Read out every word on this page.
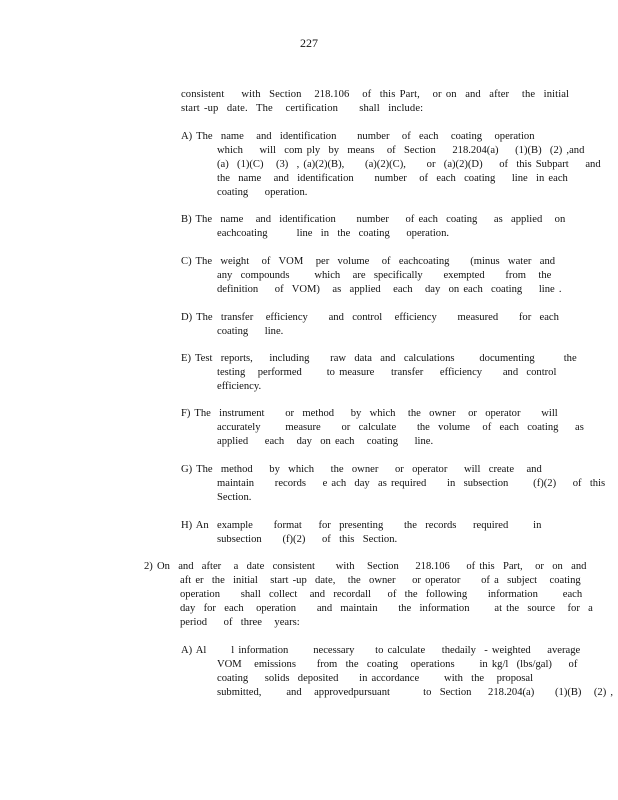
227
consistent    with  Section   218.106   of  this Part,   or on  and  after   the  initial
start -up  date.  The   certification     shall  include:
A) The  name   and  identification     number   of  each   coating   operation
which    will  com ply  by  means   of  Section    218.204(a)    (1)(B)  (2) ,and
(a)  (1)(C)   (3)  , (a)(2)(B),     (a)(2)(C),     or  (a)(2)(D)    of  this Subpart    and
the  name   and  identification     number   of  each  coating    line  in each
coating    operation.
B) The  name   and  identification     number    of each  coating    as  applied   on
eachcoating       line  in  the  coating    operation.
C) The  weight   of  VOM   per  volume   of  eachcoating     (minus  water  and
any  compounds      which   are  specifically     exempted     from   the
definition    of  VOM)   as  applied   each   day  on each  coating    line .
D) The  transfer   efficiency     and  control   efficiency     measured     for  each
coating    line.
E) Test  reports,    including     raw  data  and  calculations      documenting       the
testing   performed      to measure    transfer    efficiency     and  control
efficiency.
F) The  instrument     or  method    by  which   the  owner   or  operator     will
accurately      measure     or  calculate     the  volume   of  each  coating    as
applied    each   day  on each   coating    line.
G) The  method    by  which    the  owner    or  operator    will  create   and
maintain     records    e ach  day  as required     in  subsection      (f)(2)    of  this
Section.
H) An  example     format    for  presenting     the  records    required      in
subsection     (f)(2)    of  this  Section.
2) On  and  after   a  date  consistent     with   Section    218.106    of this  Part,   or  on  and
aft er  the  initial   start -up  date,   the  owner    or operator     of a  subject   coating
operation     shall  collect   and  recordall    of  the  following     information      each
day  for  each   operation     and  maintain     the  information      at the  source   for  a
period    of  three   years:
A) Al      l information      necessary     to calculate    thedaily  - weighted    average
VOM   emissions     from  the  coating   operations      in kg/l  (lbs/gal)    of
coating    solids  deposited     in accordance      with  the   proposal
submitted,      and   approvedpursuant        to  Section    218.204(a)     (1)(B)   (2) ,
